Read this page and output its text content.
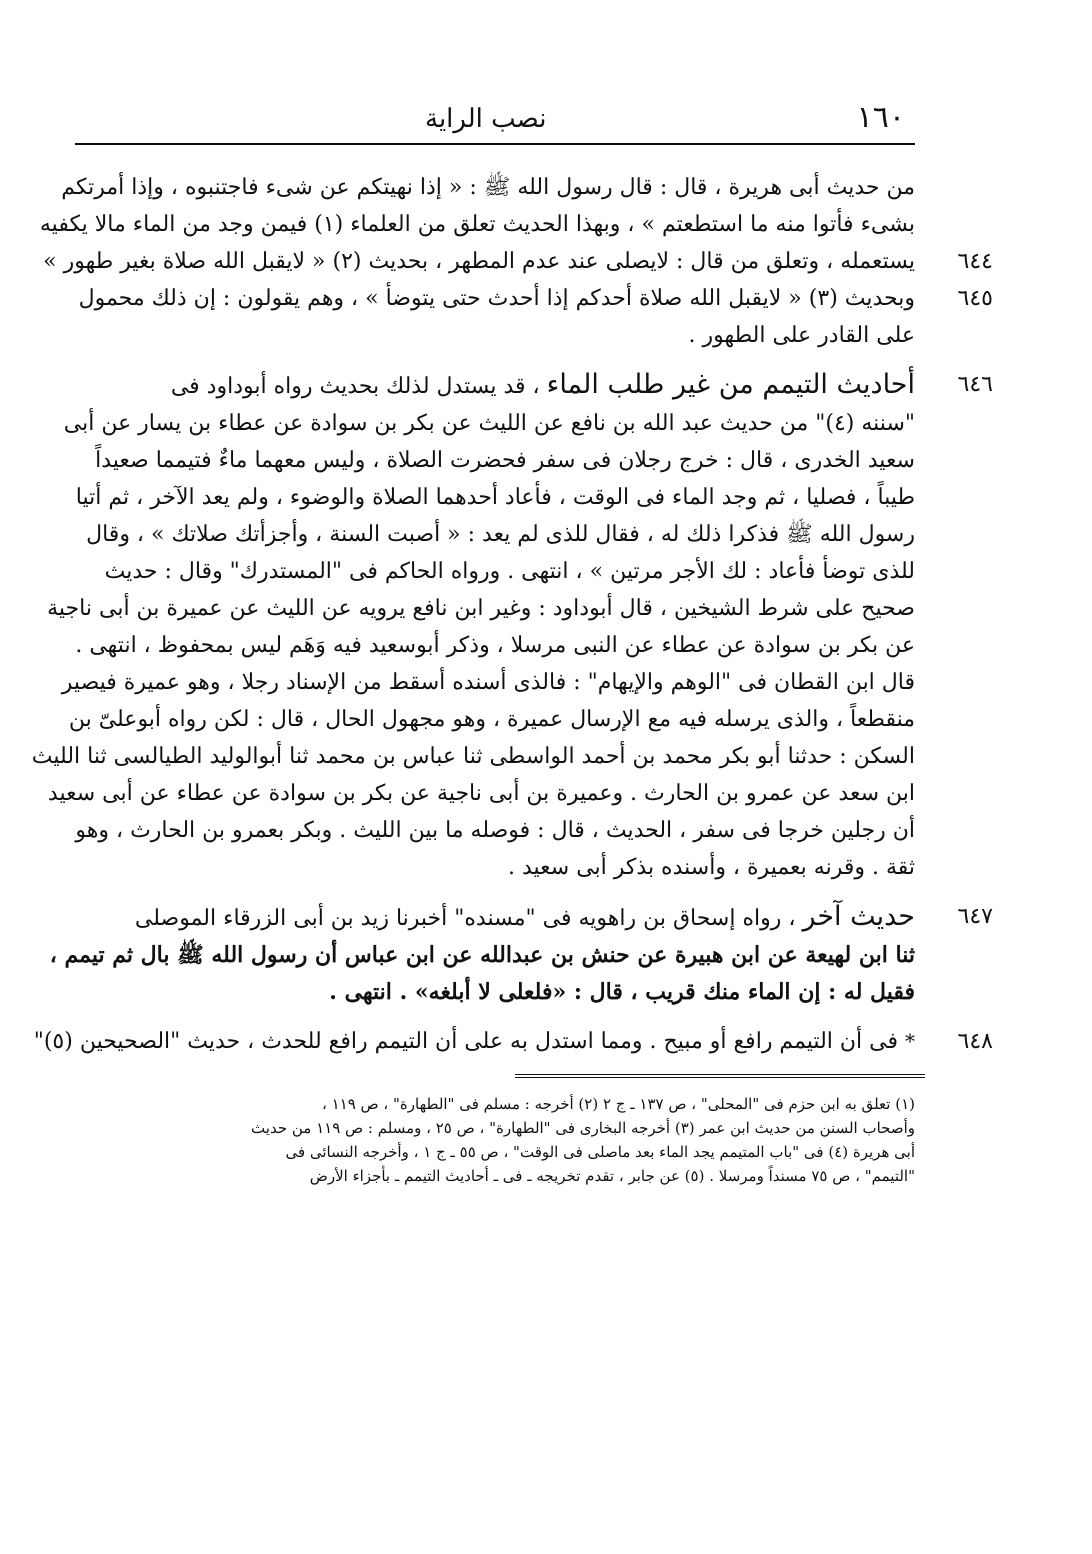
١٦٠
نصب الراية
من حديث أبى هريرة ، قال : قال رسول الله ﷺ : « إذا نهيتكم عن شىء فاجتنبوه ، وإذا أمرتكم
بشىء فأتوا منه ما استطعتم » ، وبهذا الحديث تعلق من العلماء (١) فيمن وجد من الماء مالا يكفيه
٦٤٤
يستعمله ، وتعلق من قال : لايصلى عند عدم المطهر ، بحديث (٢) « لايقبل الله صلاة بغير طهور »
٦٤٥
وبحديث (٣) « لايقبل الله صلاة أحدكم إذا أحدث حتى يتوضأ » ، وهم يقولون : إن ذلك محمول
على القادر على الطهور .
٦٤٦
أحاديث التيمم من غير طلب الماء ، قد يستدل لذلك بحديث رواه أبوداود فى
"سننه (٤)" من حديث عبد الله بن نافع عن الليث عن بكر بن سوادة عن عطاء بن يسار عن أبى
سعيد الخدرى ، قال : خرج رجلان فى سفر فحضرت الصلاة ، وليس معهما ماءٌ فتيمما صعيداً
طيباً ، فصليا ، ثم وجد الماء فى الوقت ، فأعاد أحدهما الصلاة والوضوء ، ولم يعد الآخر ، ثم أتيا
رسول الله ﷺ فذكرا ذلك له ، فقال للذى لم يعد : « أصبت السنة ، وأجزأتك صلاتك » ، وقال
للذى توضأ فأعاد : لك الأجر مرتين » ، انتهى . ورواه الحاكم فى "المستدرك" وقال : حديث
صحيح على شرط الشيخين ، قال أبوداود : وغير ابن نافع يرويه عن الليث عن عميرة بن أبى ناجية
عن بكر بن سوادة عن عطاء عن النبى مرسلا ، وذكر أبوسعيد فيه وَهَم ليس بمحفوظ ، انتهى .
قال ابن القطان فى "الوهم والإيهام" : فالذى أسنده أسقط من الإسناد رجلا ، وهو عميرة فيصير
منقطعاً ، والذى يرسله فيه مع الإرسال عميرة ، وهو مجهول الحال ، قال : لكن رواه أبوعلىّ بن
السكن : حدثنا أبو بكر محمد بن أحمد الواسطى ثنا عباس بن محمد ثنا أبوالوليد الطيالسى ثنا الليث
ابن سعد عن عمرو بن الحارث . وعميرة بن أبى ناجية عن بكر بن سوادة عن عطاء عن أبى سعيد
أن رجلين خرجا فى سفر ، الحديث ، قال : فوصله ما بين الليث . وبكر بعمرو بن الحارث ، وهو
ثقة . وقرنه بعميرة ، وأسنده بذكر أبى سعيد .
٦٤٧
حديث آخر ، رواه إسحاق بن راهويه فى "مسنده" أخبرنا زيد بن أبى الزرقاء الموصلى
ثنا ابن لهيعة عن ابن هبيرة عن حنش بن عبدالله عن ابن عباس أن رسول الله ﷺ بال ثم تيمم ،
فقيل له : إن الماء منك قريب ، قال : «فلعلى لا أبلغه» . انتهى .
٦٤٨
* فى أن التيمم رافع أو مبيح . ومما استدل به على أن التيمم رافع للحدث ، حديث "الصحيحين (٥)"
(١) تعلق به ابن حزم فى "المحلى" ، ص ١٣٧ ـ ج ٢ (٢) أخرجه : مسلم فى "الطهارة" ، ص ١١٩ ،
وأصحاب السنن من حديث ابن عمر (٣) أخرجه البخارى فى "الطهارة" ، ص ٢٥ ، ومسلم : ص ١١٩ من حديث
أبى هريرة (٤) فى "باب المتيمم يجد الماء بعد ماصلى فى الوقت" ، ص ٥٥ ـ ج ١ ، وأخرجه النسائى فى
"التيمم" ، ص ٧٥ مسنداً ومرسلا . (٥) عن جابر ، تقدم تخريجه ـ فى ـ أحاديث التيمم ـ بأجزاء الأرض
